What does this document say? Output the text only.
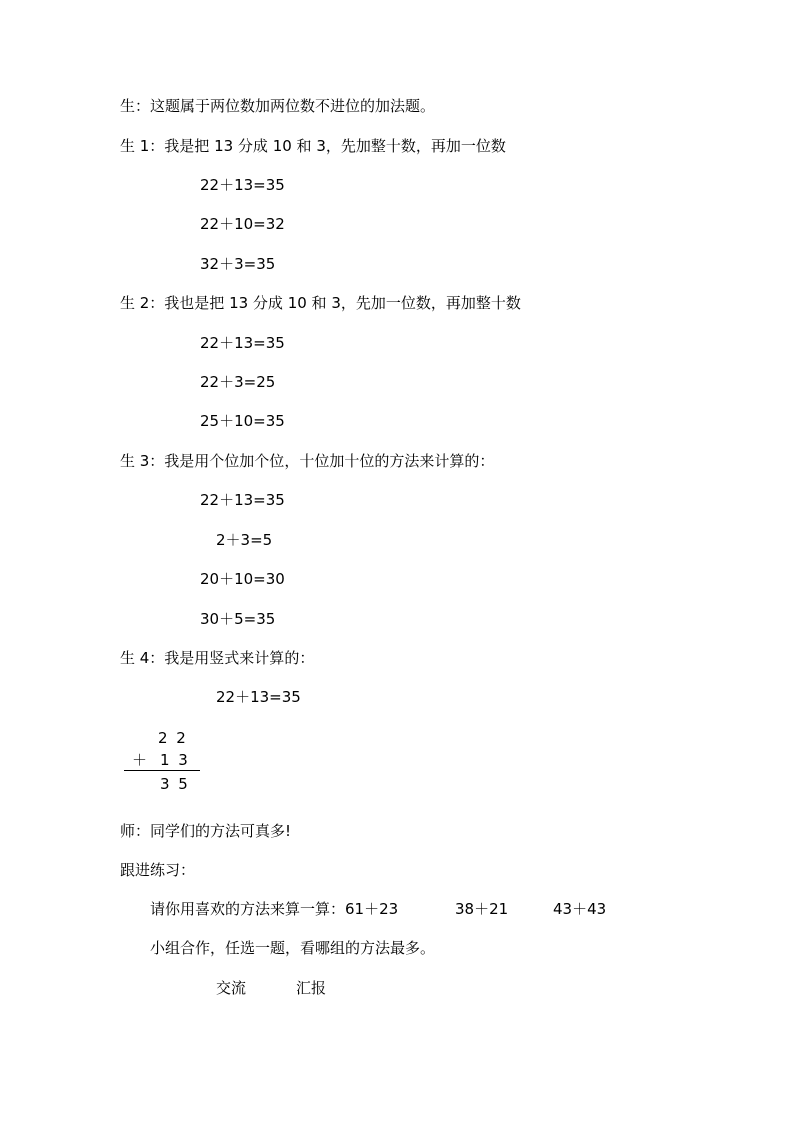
生：这题属于两位数加两位数不进位的加法题。
生 1：我是把 13 分成 10 和 3，先加整十数，再加一位数
22＋13=35
22＋10=32
32＋3=35
生 2：我也是把 13 分成 10 和 3，先加一位数，再加整十数
22＋13=35
22＋3=25
25＋10=35
生 3：我是用个位加个位，十位加十位的方法来计算的：
22＋13=35
2＋3=5
20＋10=30
30＋5=35
生 4：我是用竖式来计算的：
22＋13=35
2 2
＋ 1 3
3 5
师：同学们的方法可真多!
跟进练习：
请你用喜欢的方法来算一算：61＋23	38＋21	43＋43
小组合作，任选一题，看哪组的方法最多。
交流	汇报
